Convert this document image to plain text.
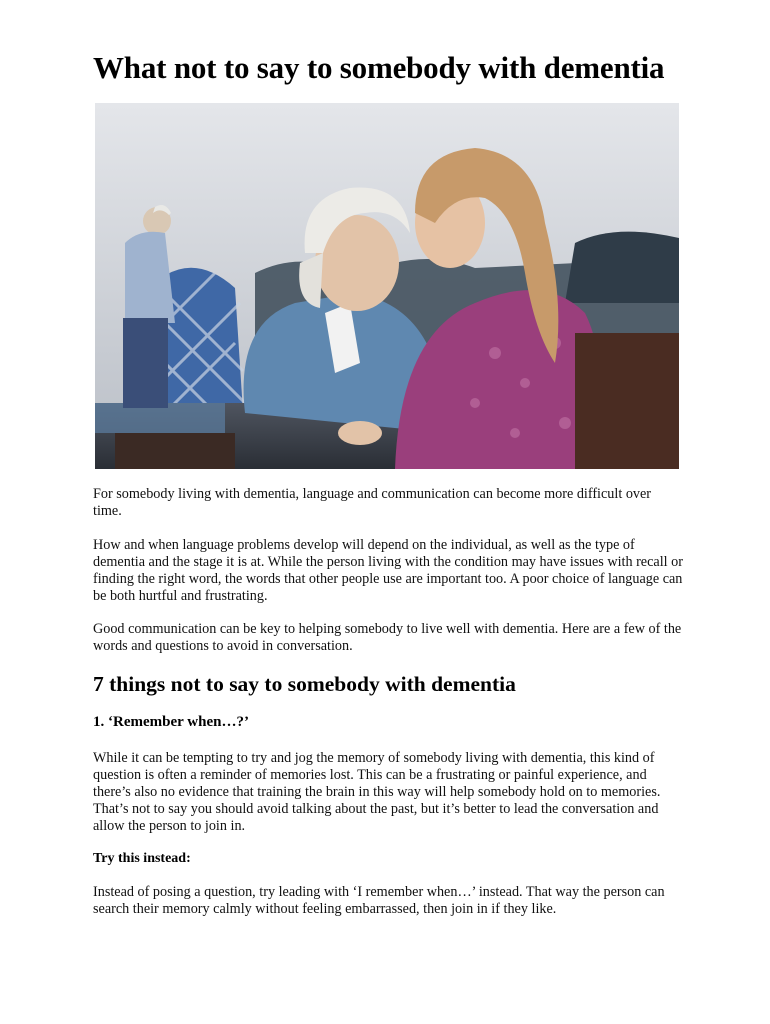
What not to say to somebody with dementia

For somebody living with dementia, language and communication can become more difficult over time.

How and when language problems develop will depend on the individual, as well as the type of dementia and the stage it is at. While the person living with the condition may have issues with recall or finding the right word, the words that other people use are important too. A poor choice of language can be both hurtful and frustrating.

Good communication can be key to helping somebody to live well with dementia. Here are a few of the words and questions to avoid in conversation.

7 things not to say to somebody with dementia
1. ‘Remember when…?’

While it can be tempting to try and jog the memory of somebody living with dementia, this kind of question is often a reminder of memories lost. This can be a frustrating or painful experience, and there’s also no evidence that training the brain in this way will help somebody hold on to memories. That’s not to say you should avoid talking about the past, but it’s better to lead the conversation and allow the person to join in.

Try this instead:

Instead of posing a question, try leading with ‘I remember when…’ instead. That way the person can search their memory calmly without feeling embarrassed, then join in if they like.
